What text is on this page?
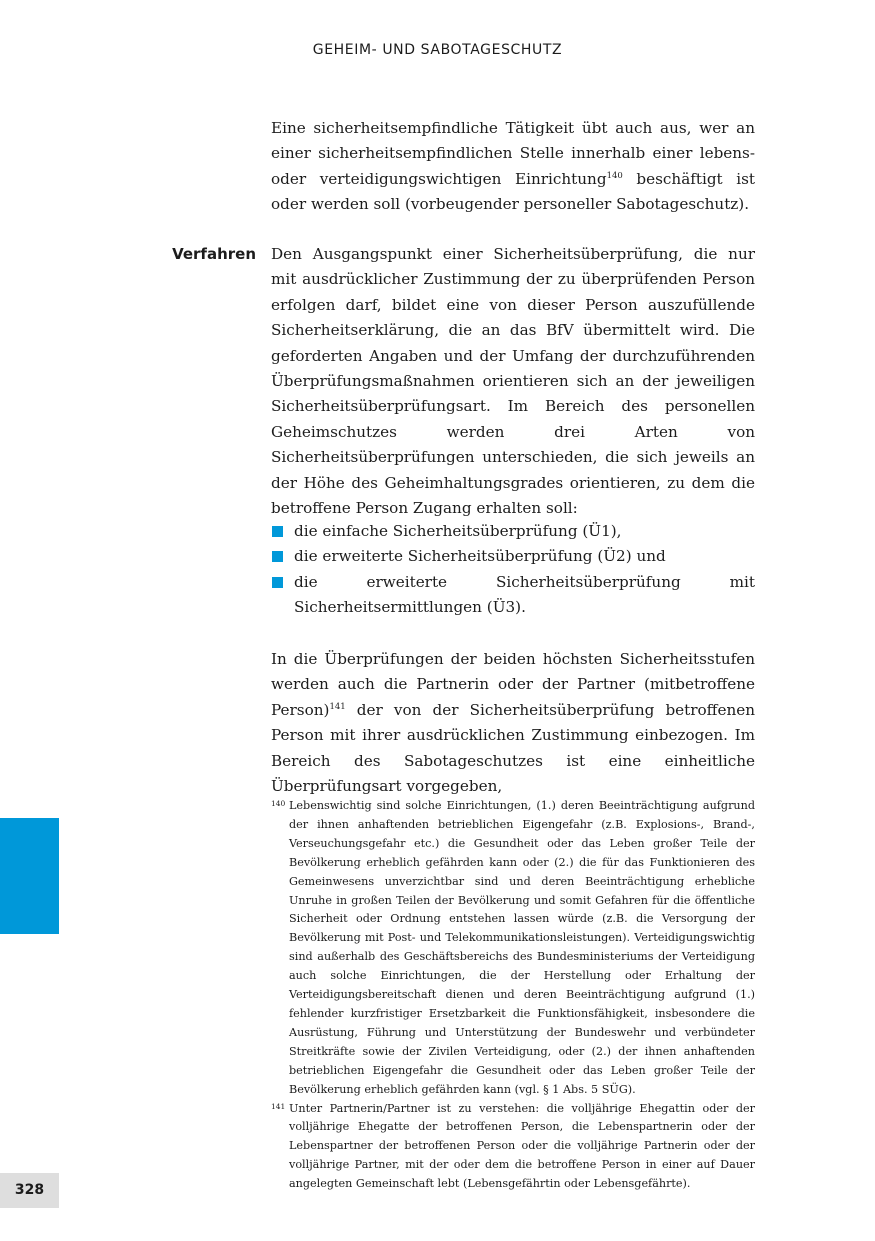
GEHEIM- UND SABOTAGESCHUTZ

Eine sicherheitsempfindliche Tätigkeit übt auch aus, wer an einer sicherheitsempfindlichen Stelle innerhalb einer lebens- oder verteidigungswichtigen Einrichtung$^{140}$ beschäftigt ist oder werden soll (vorbeugender personeller Sabotageschutz).

Verfahren Den Ausgangspunkt einer Sicherheitsüberprüfung, die nur mit ausdrücklicher Zustimmung der zu überprüfenden Person erfolgen darf, bildet eine von dieser Person auszufüllende Sicherheitserklärung, die an das BfV übermittelt wird. Die geforderten Angaben und der Umfang der durchzuführenden Überprüfungsmaßnahmen orientieren sich an der jeweiligen Sicherheitsüberprüfungsart. Im Bereich des personellen Geheimschutzes werden drei Arten von Sicherheitsüberprüfungen unterschieden, die sich jeweils an der Höhe des Geheimhaltungsgrades orientieren, zu dem die betroffene Person Zugang erhalten soll:

die einfache Sicherheitsüberprüfung (Ü1),
die erweiterte Sicherheitsüberprüfung (Ü2) und
die erweiterte Sicherheitsüberprüfung mit Sicherheitsermittlungen (Ü3).

In die Überprüfungen der beiden höchsten Sicherheitsstufen werden auch die Partnerin oder der Partner (mitbetroffene Person)$^{141}$ der von der Sicherheitsüberprüfung betroffenen Person mit ihrer ausdrücklichen Zustimmung einbezogen. Im Bereich des Sabotageschutzes ist eine einheitliche Überprüfungsart vorgegeben,

140 Lebenswichtig sind solche Einrichtungen, (1.) deren Beeinträchtigung aufgrund der ihnen anhaftenden betrieblichen Eigengefahr (z.B. Explosions-, Brand-, Verseuchungsgefahr etc.) die Gesundheit oder das Leben großer Teile der Bevölkerung erheblich gefährden kann oder (2.) die für das Funktionieren des Gemeinwesens unverzichtbar sind und deren Beeinträchtigung erhebliche Unruhe in großen Teilen der Bevölkerung und somit Gefahren für die öffentliche Sicherheit oder Ordnung entstehen lassen würde (z.B. die Versorgung der Bevölkerung mit Post- und Telekommunikationsleistungen). Verteidigungswichtig sind außerhalb des Geschäftsbereichs des Bundesministeriums der Verteidigung auch solche Einrichtungen, die der Herstellung oder Erhaltung der Verteidigungsbereitschaft dienen und deren Beeinträchtigung aufgrund (1.) fehlender kurzfristiger Ersetzbarkeit die Funktionsfähigkeit, insbesondere die Ausrüstung, Führung und Unterstützung der Bundeswehr und verbündeter Streitkräfte sowie der Zivilen Verteidigung, oder (2.) der ihnen anhaftenden betrieblichen Eigengefahr die Gesundheit oder das Leben großer Teile der Bevölkerung erheblich gefährden kann (vgl. § 1 Abs. 5 SÜG).
141 Unter Partnerin/Partner ist zu verstehen: die volljährige Ehegattin oder der volljährige Ehegatte der betroffenen Person, die Lebenspartnerin oder der Lebenspartner der betroffenen Person oder die volljährige Partnerin oder der volljährige Partner, mit der oder dem die betroffene Person in einer auf Dauer angelegten Gemeinschaft lebt (Lebensgefährtin oder Lebensgefährte).
328
